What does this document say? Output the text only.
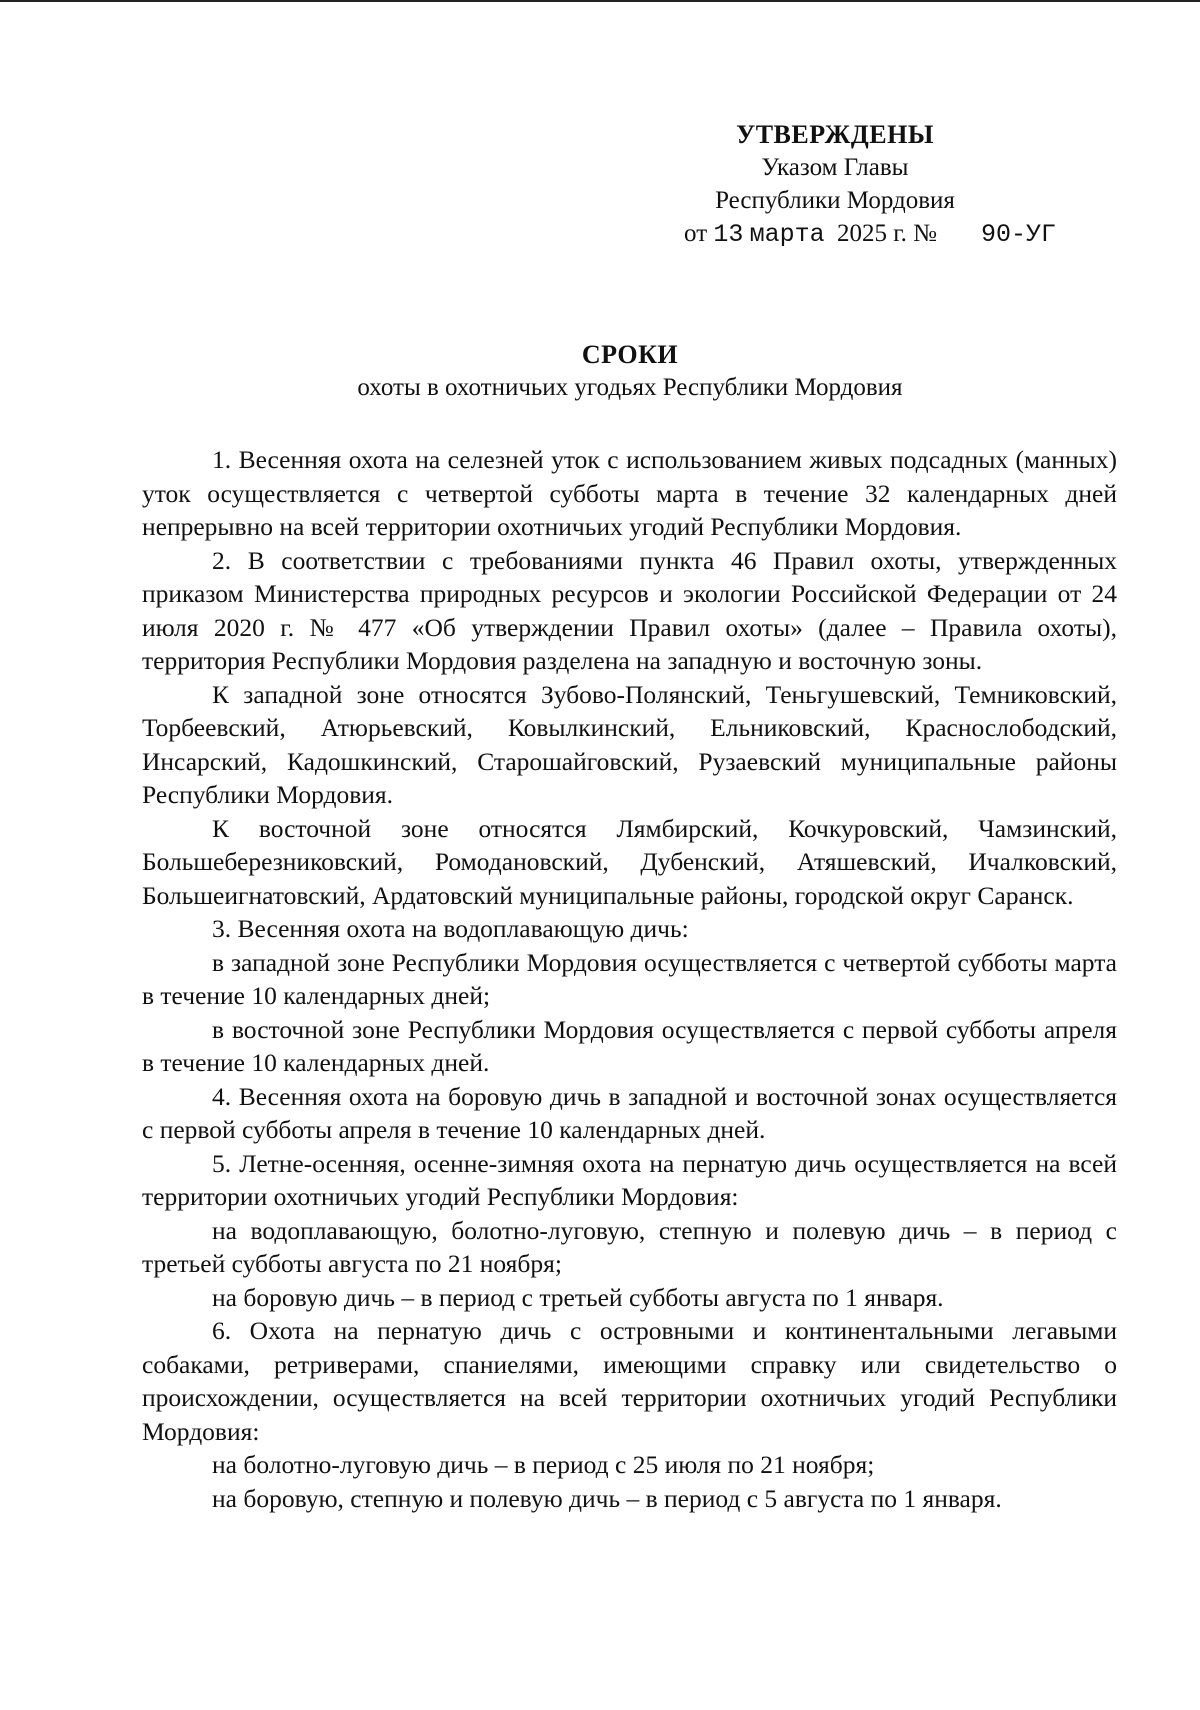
УТВЕРЖДЕНЫ
Указом Главы
Республики Мордовия
от 13 марта 2025 г. № 90-УГ
СРОКИ
охоты в охотничьих угодьях Республики Мордовия

1. Весенняя охота на селезней уток с использованием живых подсадных (манных) уток осуществляется с четвертой субботы марта в течение 32 календарных дней непрерывно на всей территории охотничьих угодий Республики Мордовия.

2. В соответствии с требованиями пункта 46 Правил охоты, утвержденных приказом Министерства природных ресурсов и экологии Российской Федерации от 24 июля 2020 г. № 477 «Об утверждении Правил охоты» (далее – Правила охоты), территория Республики Мордовия разделена на западную и восточную зоны.

К западной зоне относятся Зубово-Полянский, Теньгушевский, Темниковский, Торбеевский, Атюрьевский, Ковылкинский, Ельниковский, Краснослободский, Инсарский, Кадошкинский, Старошайговский, Рузаевский муниципальные районы Республики Мордовия.

К восточной зоне относятся Лямбирский, Кочкуровский, Чамзинский, Большеберезниковский, Ромодановский, Дубенский, Атяшевский, Ичалковский, Большеигнатовский, Ардатовский муниципальные районы, городской округ Саранск.

3. Весенняя охота на водоплавающую дичь:

в западной зоне Республики Мордовия осуществляется с четвертой субботы марта в течение 10 календарных дней;

в восточной зоне Республики Мордовия осуществляется с первой субботы апреля в течение 10 календарных дней.

4. Весенняя охота на боровую дичь в западной и восточной зонах осуществляется с первой субботы апреля в течение 10 календарных дней.

5. Летне-осенняя, осенне-зимняя охота на пернатую дичь осуществляется на всей территории охотничьих угодий Республики Мордовия:

на водоплавающую, болотно-луговую, степную и полевую дичь – в период с третьей субботы августа по 21 ноября;

на боровую дичь – в период с третьей субботы августа по 1 января.

6. Охота на пернатую дичь с островными и континентальными легавыми собаками, ретриверами, спаниелями, имеющими справку или свидетельство о происхождении, осуществляется на всей территории охотничьих угодий Республики Мордовия:

на болотно-луговую дичь – в период с 25 июля по 21 ноября;

на боровую, степную и полевую дичь – в период с 5 августа по 1 января.
